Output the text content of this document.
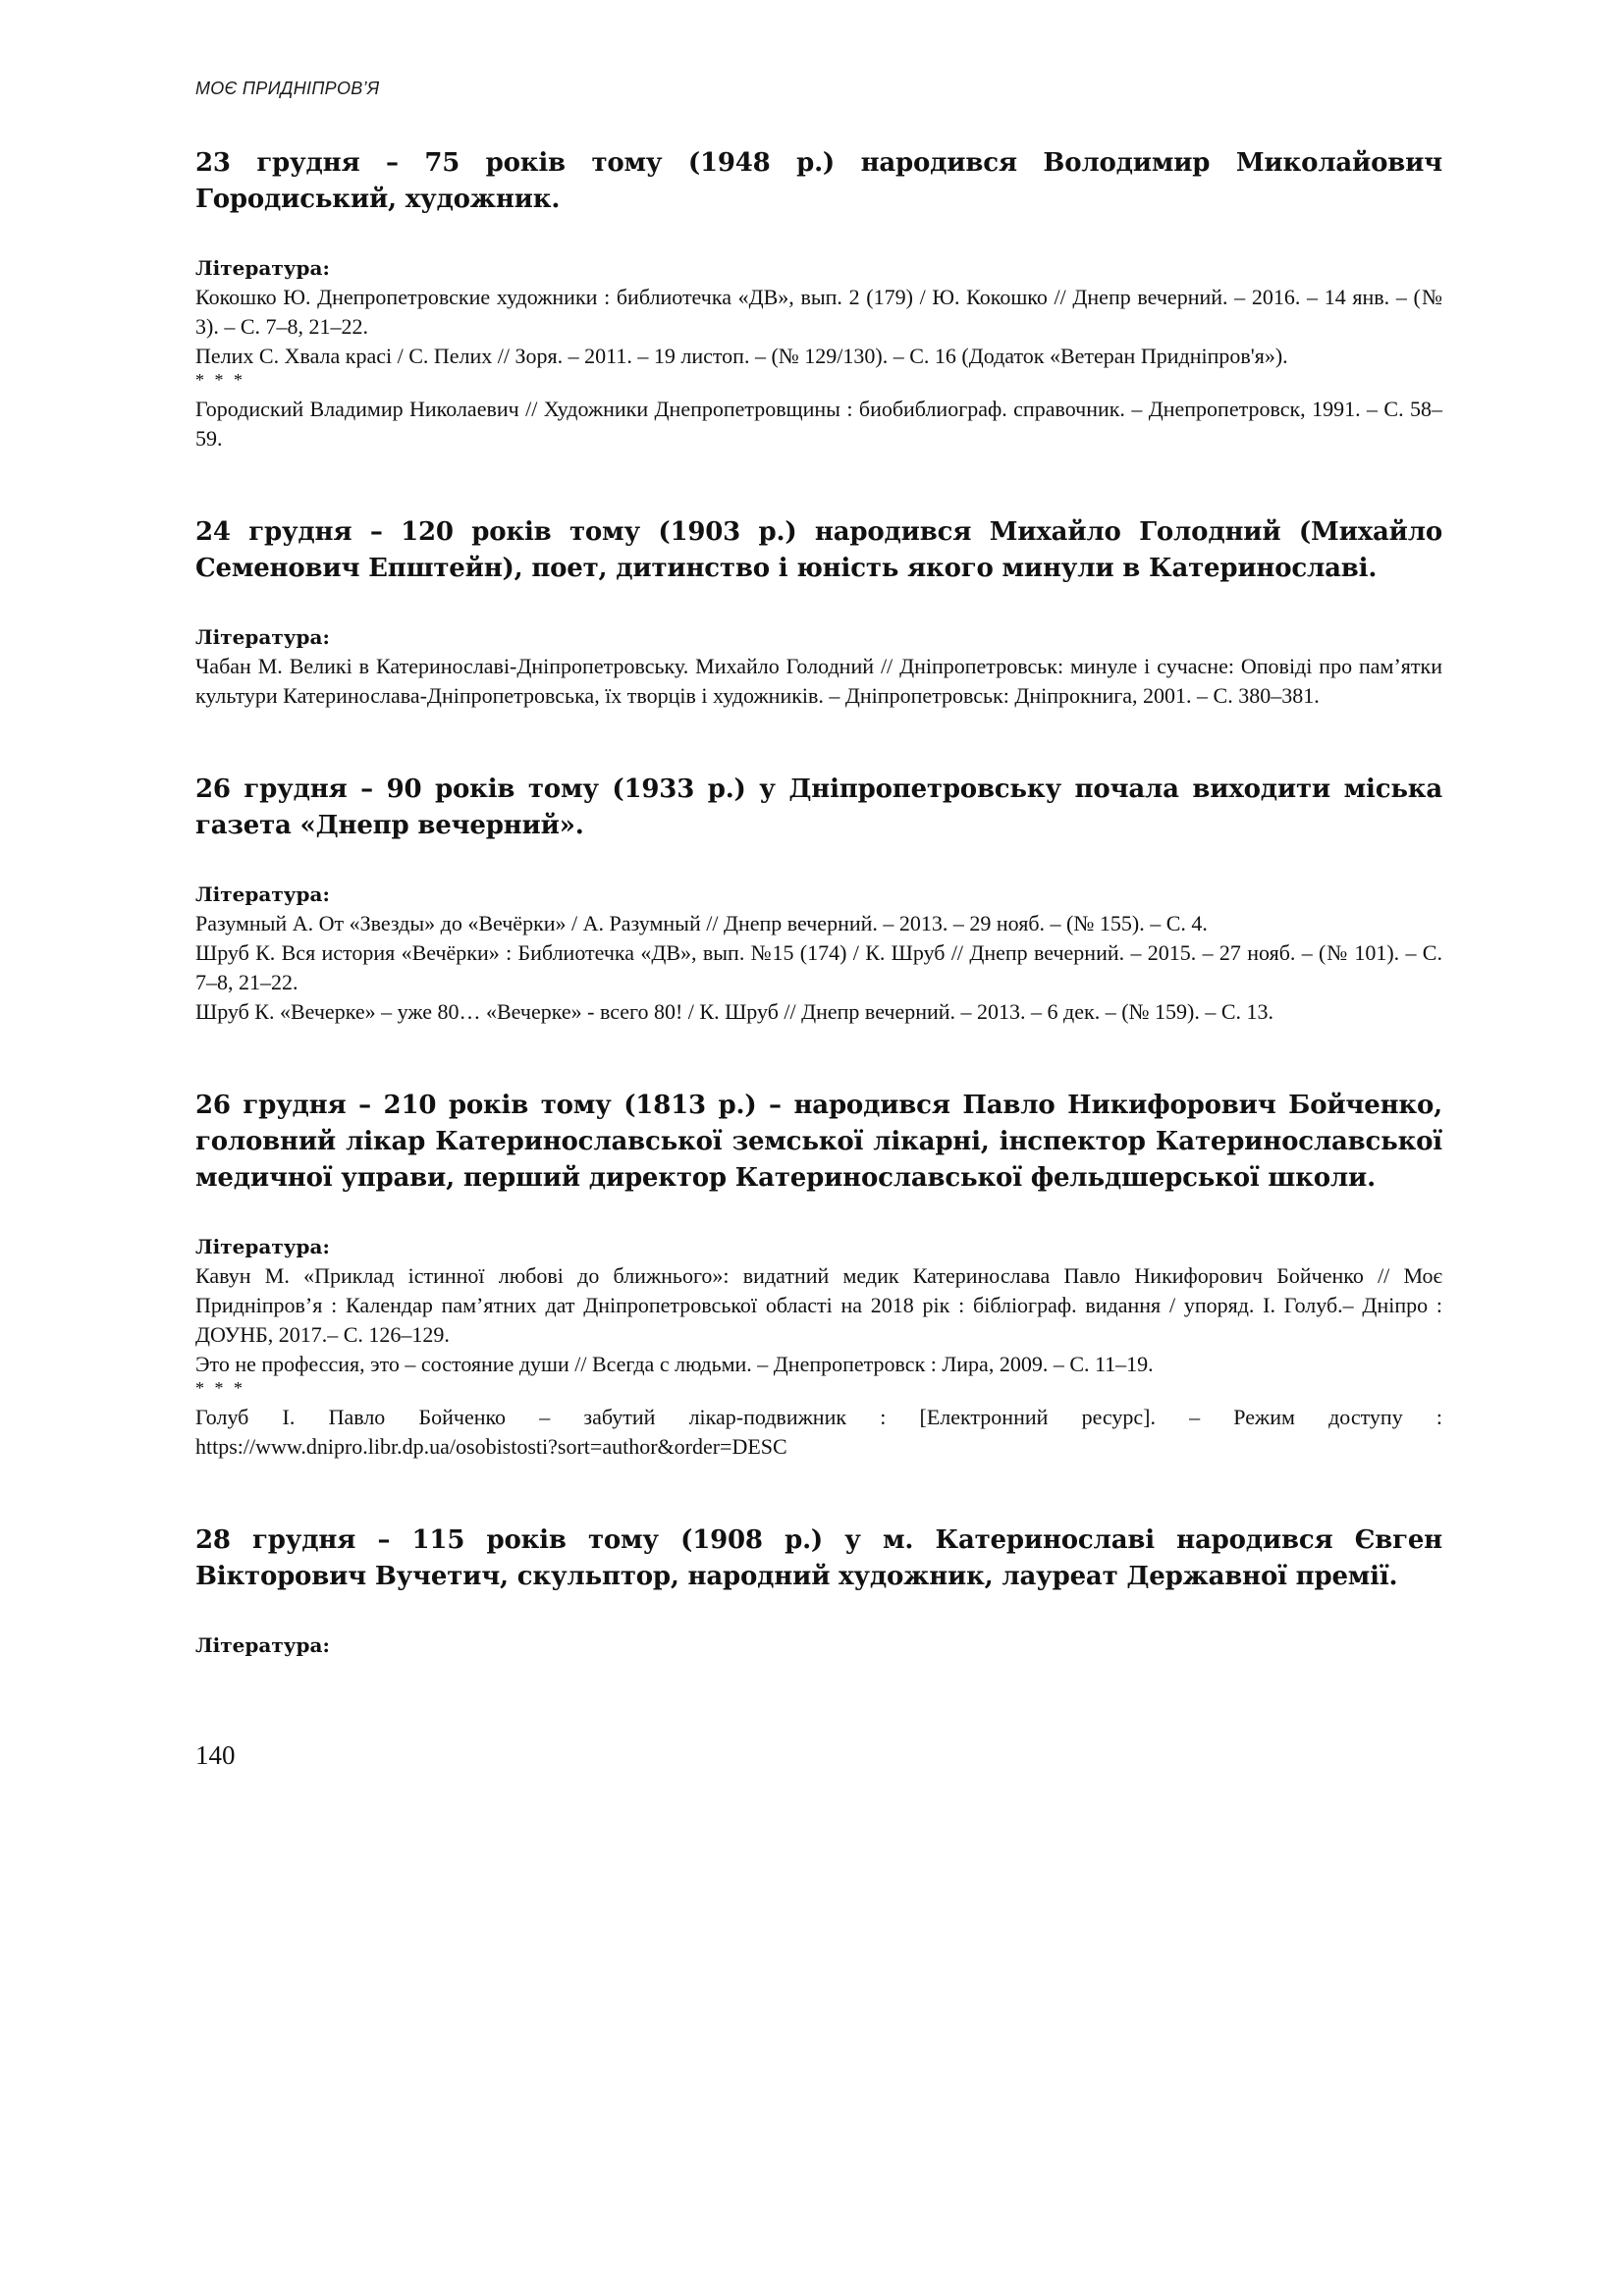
МОЄ ПРИДНІПРОВ’Я
23 грудня – 75 років тому (1948 р.) народився Володимир Миколайович Городиський, художник.

Література:

Кокошко Ю. Днепропетровские художники : библиотечка «ДВ», вып. 2 (179) / Ю. Кокошко // Днепр вечерний. – 2016. – 14 янв. – (№ 3). – С. 7–8, 21–22.

Пелих С. Хвала красі / С. Пелих // Зоря. – 2011. – 19 листоп. – (№ 129/130). – С. 16 (Додаток «Ветеран Придніпров'я»).

* * *

Городиский Владимир Николаевич // Художники Днепропетровщины : биобиблиограф. справочник. – Днепропетровск, 1991. – С. 58–59.

24 грудня – 120 років тому (1903 р.) народився Михайло Голодний (Михайло Семенович Епштейн), поет, дитинство і юність якого минули в Катеринославі.

Література:

Чабан М. Великі в Катеринославі-Дніпропетровську. Михайло Голодний // Дніпропетровськ: минуле і сучасне: Оповіді про пам’ятки культури Катеринослава-Дніпропетровська, їх творців і художників. – Дніпропетровськ: Дніпрокнига, 2001. – С. 380–381.

26 грудня – 90 років тому (1933 р.) у Дніпропетровську почала виходити міська газета «Днепр вечерний».

Література:

Разумный А. От «Звезды» до «Вечёрки» / А. Разумный // Днепр вечерний. – 2013. – 29 нояб. – (№ 155). – С. 4.

Шруб К. Вся история «Вечёрки» : Библиотечка «ДВ», вып. №15 (174) / К. Шруб // Днепр вечерний. – 2015. – 27 нояб. – (№ 101). – С. 7–8, 21–22.

Шруб К. «Вечерке» – уже 80… «Вечерке» - всего 80! / К. Шруб // Днепр вечерний. – 2013. – 6 дек. – (№ 159). – С. 13.

26 грудня – 210 років тому (1813 р.) – народився Павло Никифорович Бойченко, головний лікар Катеринославської земської лікарні, інспектор Катеринославської медичної управи, перший директор Катеринославської фельдшерської школи.

Література:

Кавун М. «Приклад істинної любові до ближнього»: видатний медик Катеринослава Павло Никифорович Бойченко // Моє Придніпров’я : Календар пам’ятних дат Дніпропетровської області на 2018 рік : бібліограф. видання / упоряд. І. Голуб.– Дніпро : ДОУНБ, 2017.– С. 126–129.

Это не профессия, это – состояние души // Всегда с людьми. – Днепропетровск : Лира, 2009. – С. 11–19.

* * *

Голуб І. Павло Бойченко – забутий лікар-подвижник : [Електронний ресурс]. – Режим доступу : https://www.dnipro.libr.dp.ua/osobistosti?sort=author&order=DESC

28 грудня – 115 років тому (1908 р.) у м. Катеринославі народився Євген Вікторович Вучетич, скульптор, народний художник, лауреат Державної премії.

Література:

140
